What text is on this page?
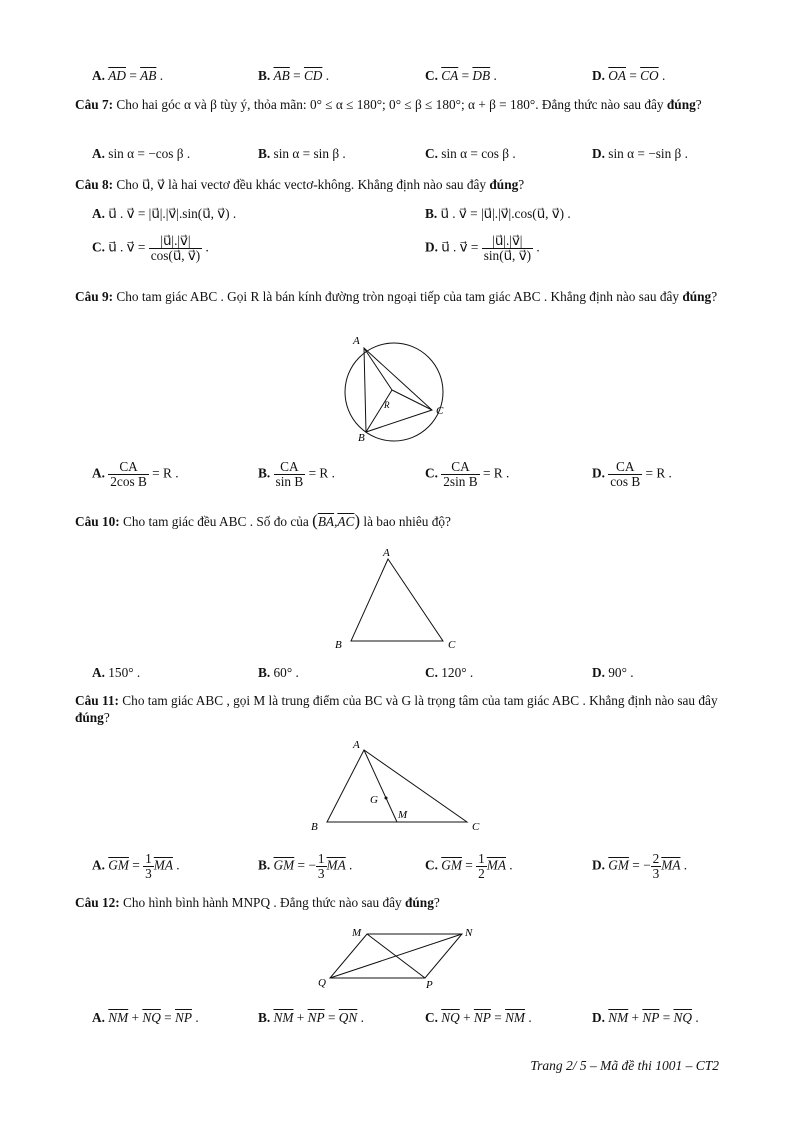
A. $\overline{AD} = \overline{AB}$ .	B. $\overline{AB} = \overline{CD}$ .	C. $\overline{CA} = \overline{DB}$ .	D. $\overline{OA} = \overline{CO}$ .
Câu 7: Cho hai góc α và β tùy ý, thỏa mãn: 0° ≤ α ≤ 180°; 0° ≤ β ≤ 180°; α + β = 180°. Đẳng thức nào sau đây đúng?
A. sin α = −cos β .	B. sin α = sin β .	C. sin α = cos β .	D. sin α = −sin β .
Câu 8: Cho u⃗, v⃗ là hai vectơ đều khác vectơ-không. Khẳng định nào sau đây đúng?
A. u⃗ . v⃗ = |u⃗|.|v⃗|.sin(u⃗, v⃗) .	B. u⃗ . v⃗ = |u⃗|.|v⃗|.cos(u⃗, v⃗) .
C. u⃗ . v⃗ = $\frac{|u⃗|.|v⃗|}{\cos(u⃗, v⃗)}$ .	D. u⃗ . v⃗ = $\frac{|u⃗|.|v⃗|}{\sin(u⃗, v⃗)}$ .
Câu 9: Cho tam giác ABC . Gọi R là bán kính đường tròn ngoại tiếp của tam giác ABC . Khẳng định nào sau đây đúng?
A
B
C
R
A. $\frac{CA}{\text{2cos B}} = R$ .	B. $\frac{CA}{\text{sin B}} = R$ .	C. $\frac{CA}{\text{2sin B}} = R$ .	D. $\frac{CA}{\text{cos B}} = R$ .
Câu 10: Cho tam giác đều ABC . Số đo của $(\overline{BA},\overline{AC})$ là bao nhiêu độ?
A
B	C
A. 150° .	B. 60° .	C. 120° .	D. 90° .
Câu 11: Cho tam giác ABC , gọi M là trung điểm của BC và G là trọng tâm của tam giác ABC . Khẳng định nào sau đây đúng?
A
B	C
G
M
A. $\overline{GM} = \frac{1}{3} \overline{MA}$ .	B. $\overline{GM}$ = − $\frac{1}{3} \overline{MA}$ .	C. $\overline{GM} = \frac{1}{2} \overline{MA}$ .	D. $\overline{GM}$ = − $\frac{2}{3} \overline{MA}$ .
Câu 12: Cho hình bình hành MNPQ . Đẳng thức nào sau đây đúng?
M	N
P
Q
A. $\overline{NM} + \overline{NQ} = \overline{NP}$ .	B. $\overline{NM} + \overline{NP} = \overline{QN}$ .	C. $\overline{NQ} + \overline{NP} = \overline{NM}$ .	D. $\overline{NM} + \overline{NP} = \overline{NQ}$ .
Trang 2/ 5 – Mã đề thi 1001 – CT2
